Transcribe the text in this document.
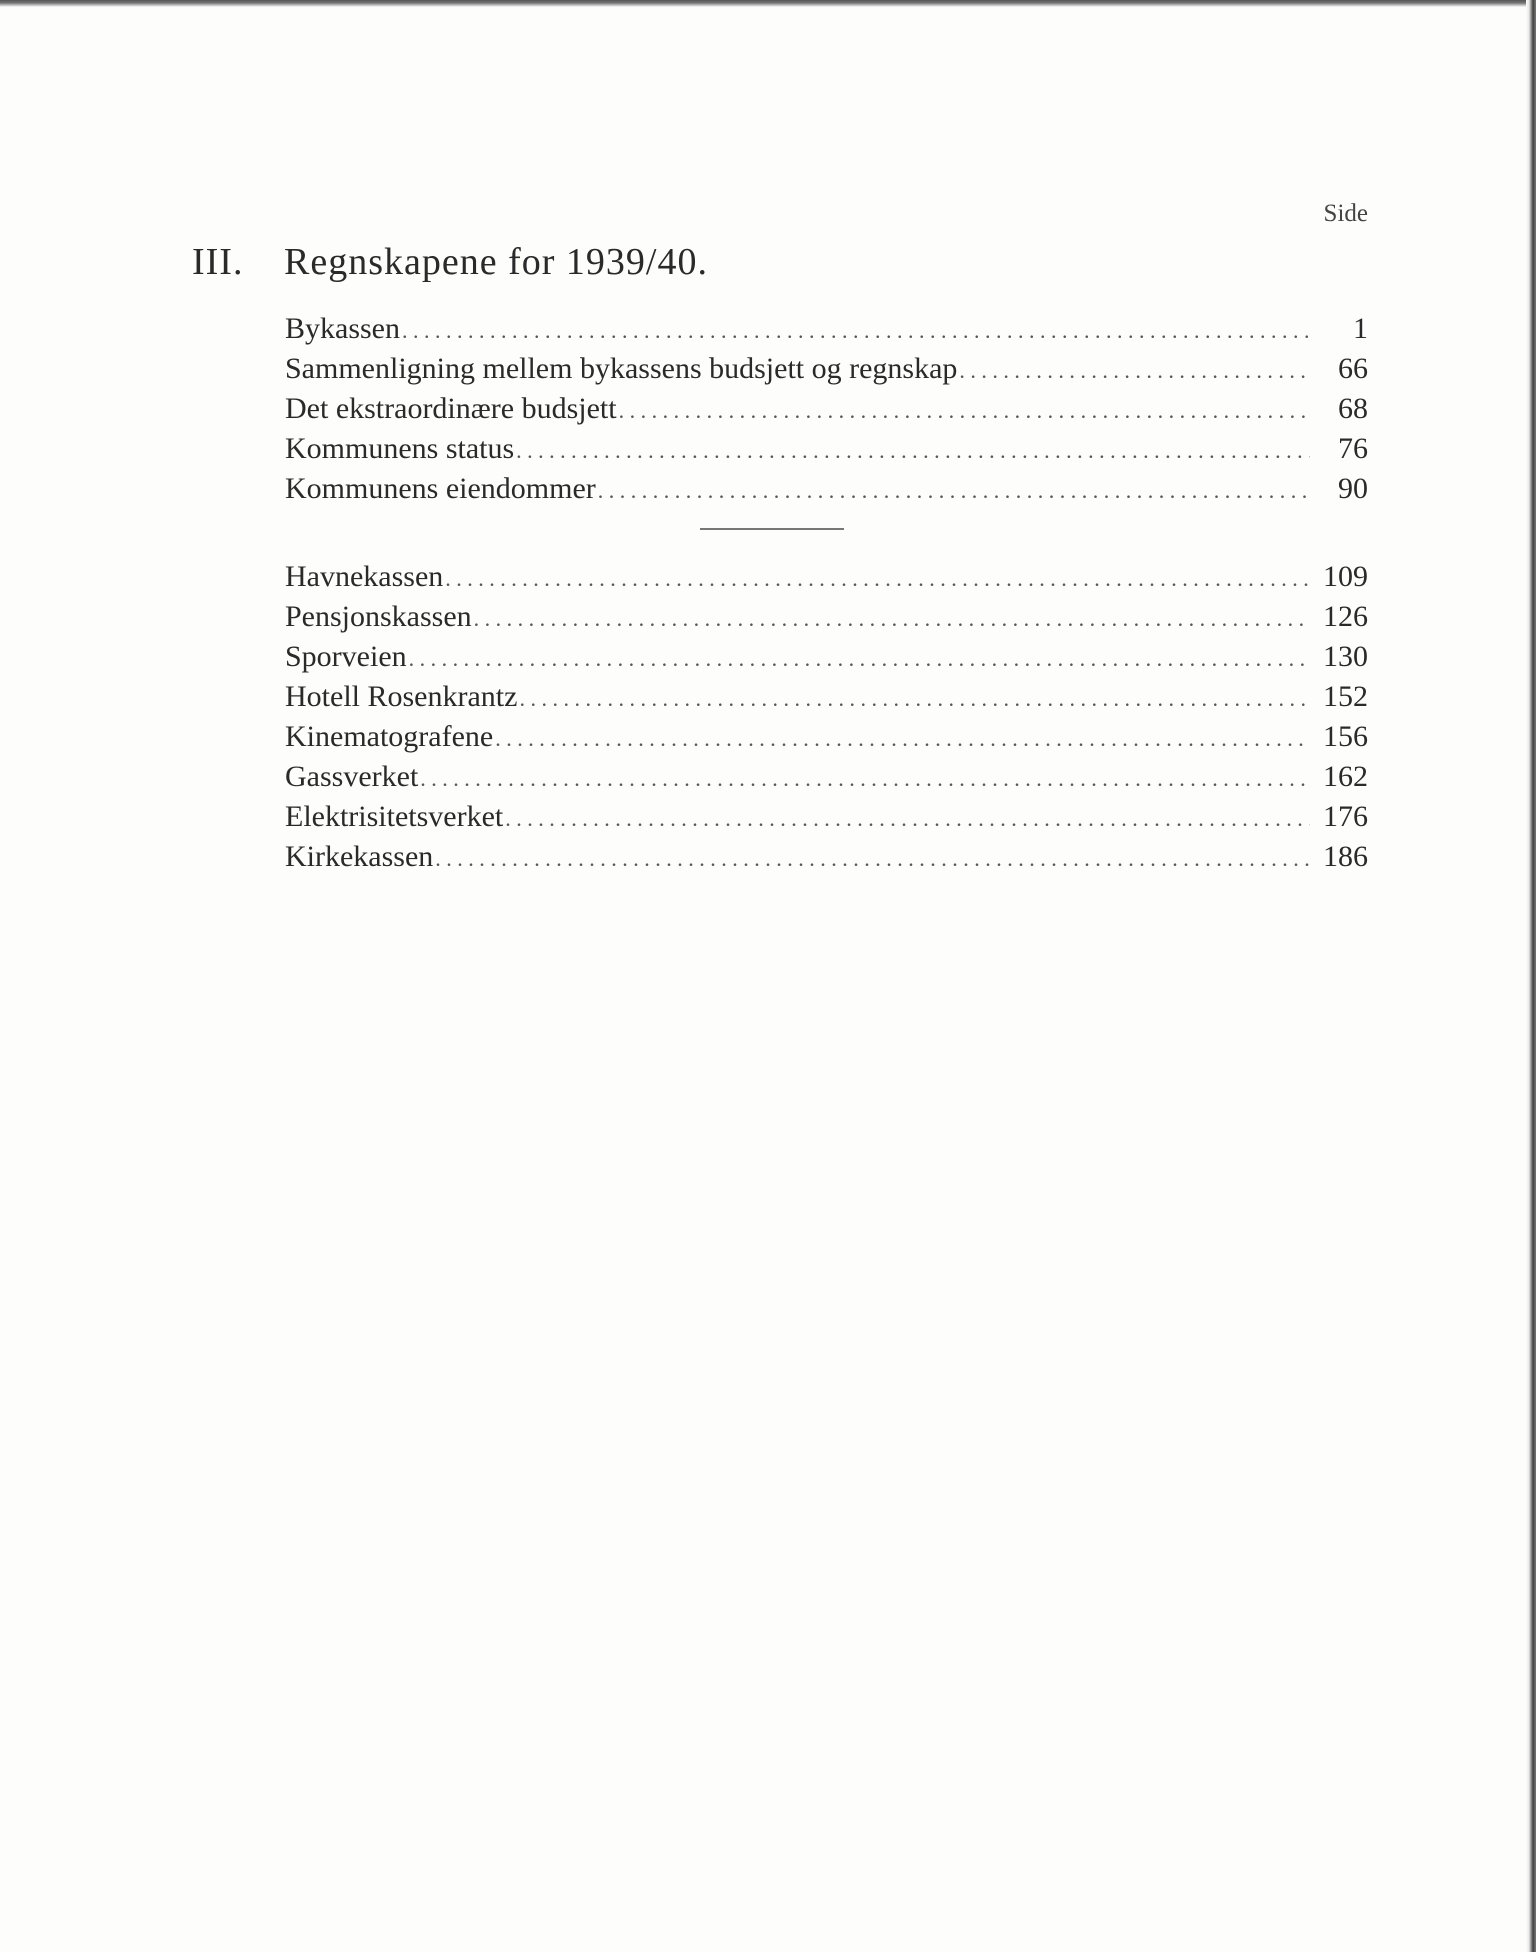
Side
III. Regnskapene for 1939/40.
Bykassen . . .	1
Sammenligning mellem bykassens budsjett og regnskap . . .	66
Det ekstraordinære budsjett . . .	68
Kommunens status . . .	76
Kommunens eiendommer . . .	90
Havnekassen . . .	109
Pensjonskassen . . .	126
Sporveien . . .	130
Hotell Rosenkrantz . . .	152
Kinematografene . . .	156
Gassverket . . .	162
Elektrisitetsverket . . .	176
Kirkekassen . . .	186
